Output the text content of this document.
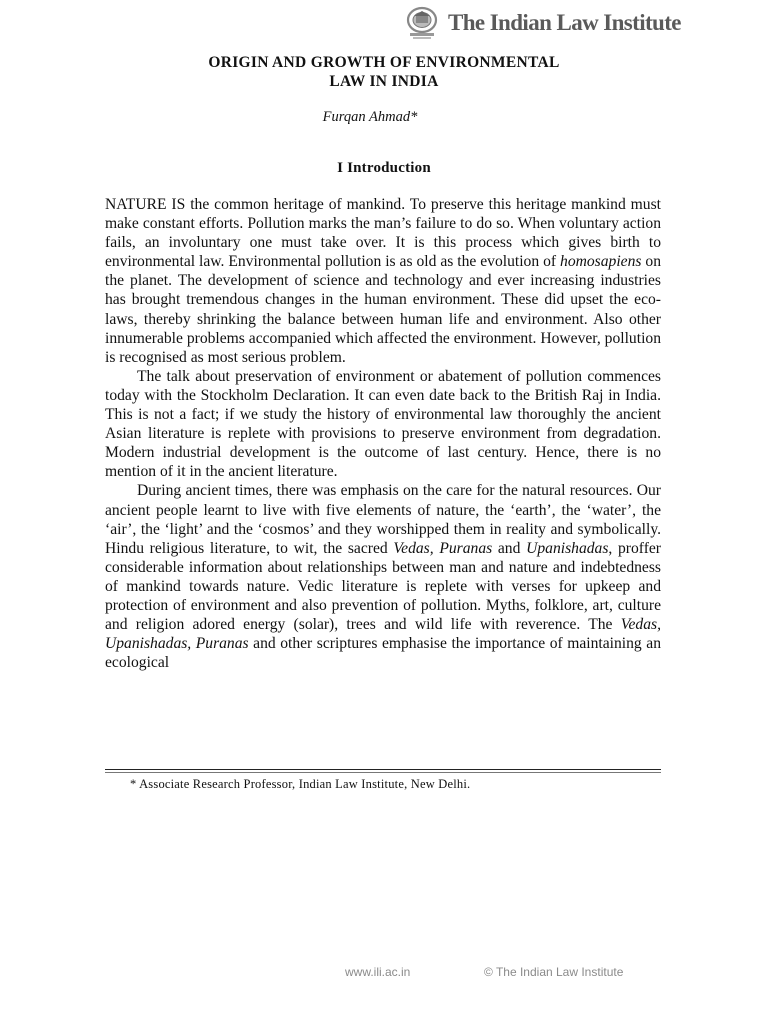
The Indian Law Institute
ORIGIN AND GROWTH OF ENVIRONMENTAL
LAW IN INDIA
Furqan Ahmad*
I Introduction

NATURE IS the common heritage of mankind. To preserve this heritage mankind must make constant efforts. Pollution marks the man’s failure to do so. When voluntary action fails, an involuntary one must take over. It is this process which gives birth to environmental law. Environmental pollution is as old as the evolution of homosapiens on the planet. The development of science and technology and ever increasing industries has brought tremendous changes in the human environment. These did upset the eco-laws, thereby shrinking the balance between human life and environment. Also other innumerable problems accompanied which affected the environment. However, pollution is recognised as most serious problem.

The talk about preservation of environment or abatement of pollution commences today with the Stockholm Declaration. It can even date back to the British Raj in India. This is not a fact; if we study the history of environmental law thoroughly the ancient Asian literature is replete with provisions to preserve environment from degradation. Modern industrial development is the outcome of last century. Hence, there is no mention of it in the ancient literature.

During ancient times, there was emphasis on the care for the natural resources. Our ancient people learnt to live with five elements of nature, the ‘earth’, the ‘water’, the ‘air’, the ‘light’ and the ‘cosmos’ and they worshipped them in reality and symbolically. Hindu religious literature, to wit, the sacred Vedas, Puranas and Upanishadas, proffer considerable information about relationships between man and nature and indebtedness of mankind towards nature. Vedic literature is replete with verses for upkeep and protection of environment and also prevention of pollution. Myths, folklore, art, culture and religion adored energy (solar), trees and wild life with reverence. The Vedas, Upanishadas, Puranas and other scriptures emphasise the importance of maintaining an ecological

* Associate Research Professor, Indian Law Institute, New Delhi.
www.ili.ac.in	© The Indian Law Institute
